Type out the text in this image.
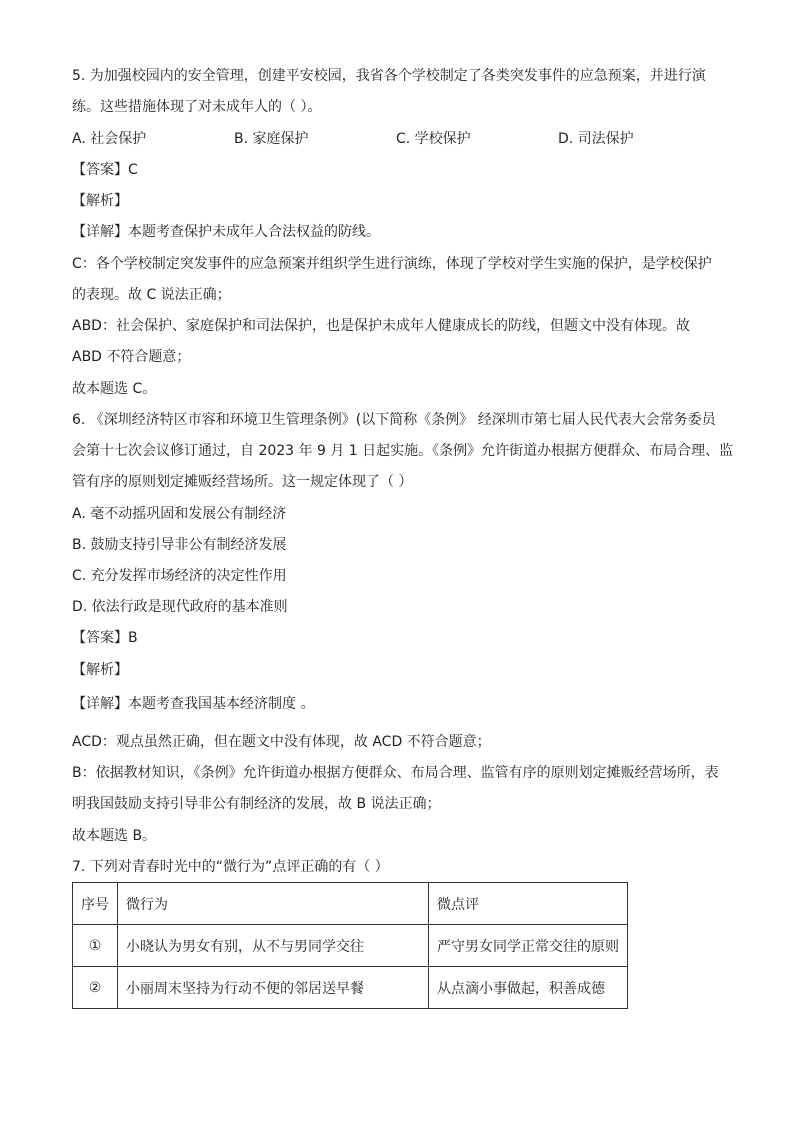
5. 为加强校园内的安全管理，创建平安校园，我省各个学校制定了各类突发事件的应急预案，并进行演
练。这些措施体现了对未成年人的（ ）。
A. 社会保护	B. 家庭保护	C. 学校保护	D. 司法保护
【答案】C
【解析】
【详解】本题考查保护未成年人合法权益的防线。
C：各个学校制定突发事件的应急预案并组织学生进行演练，体现了学校对学生实施的保护，是学校保护
的表现。故 C 说法正确；
ABD：社会保护、家庭保护和司法保护，也是保护未成年人健康成长的防线，但题文中没有体现。故
ABD 不符合题意；
故本题选 C。
6. 《深圳经济特区市容和环境卫生管理条例》(以下简称《条例》 经深圳市第七届人民代表大会常务委员
会第十七次会议修订通过，自 2023 年 9 月 1 日起实施。《条例》允许街道办根据方便群众、布局合理、监
管有序的原则划定摊贩经营场所。这一规定体现了（ ）
A. 毫不动摇巩固和发展公有制经济
B. 鼓励支持引导非公有制经济发展
C. 充分发挥市场经济的决定性作用
D. 依法行政是现代政府的基本准则
【答案】B
【解析】
【详解】本题考查我国基本经济制度 。
ACD：观点虽然正确，但在题文中没有体现，故 ACD 不符合题意；
B：依据教材知识，《条例》允许街道办根据方便群众、布局合理、监管有序的原则划定摊贩经营场所，表
明我国鼓励支持引导非公有制经济的发展，故 B 说法正确；
故本题选 B。
7. 下列对青春时光中的“微行为”点评正确的有（ ）
序号	微行为	微点评
①	小晓认为男女有别，从不与男同学交往	严守男女同学正常交往的原则
②	小丽周末坚持为行动不便的邻居送早餐	从点滴小事做起，积善成德
